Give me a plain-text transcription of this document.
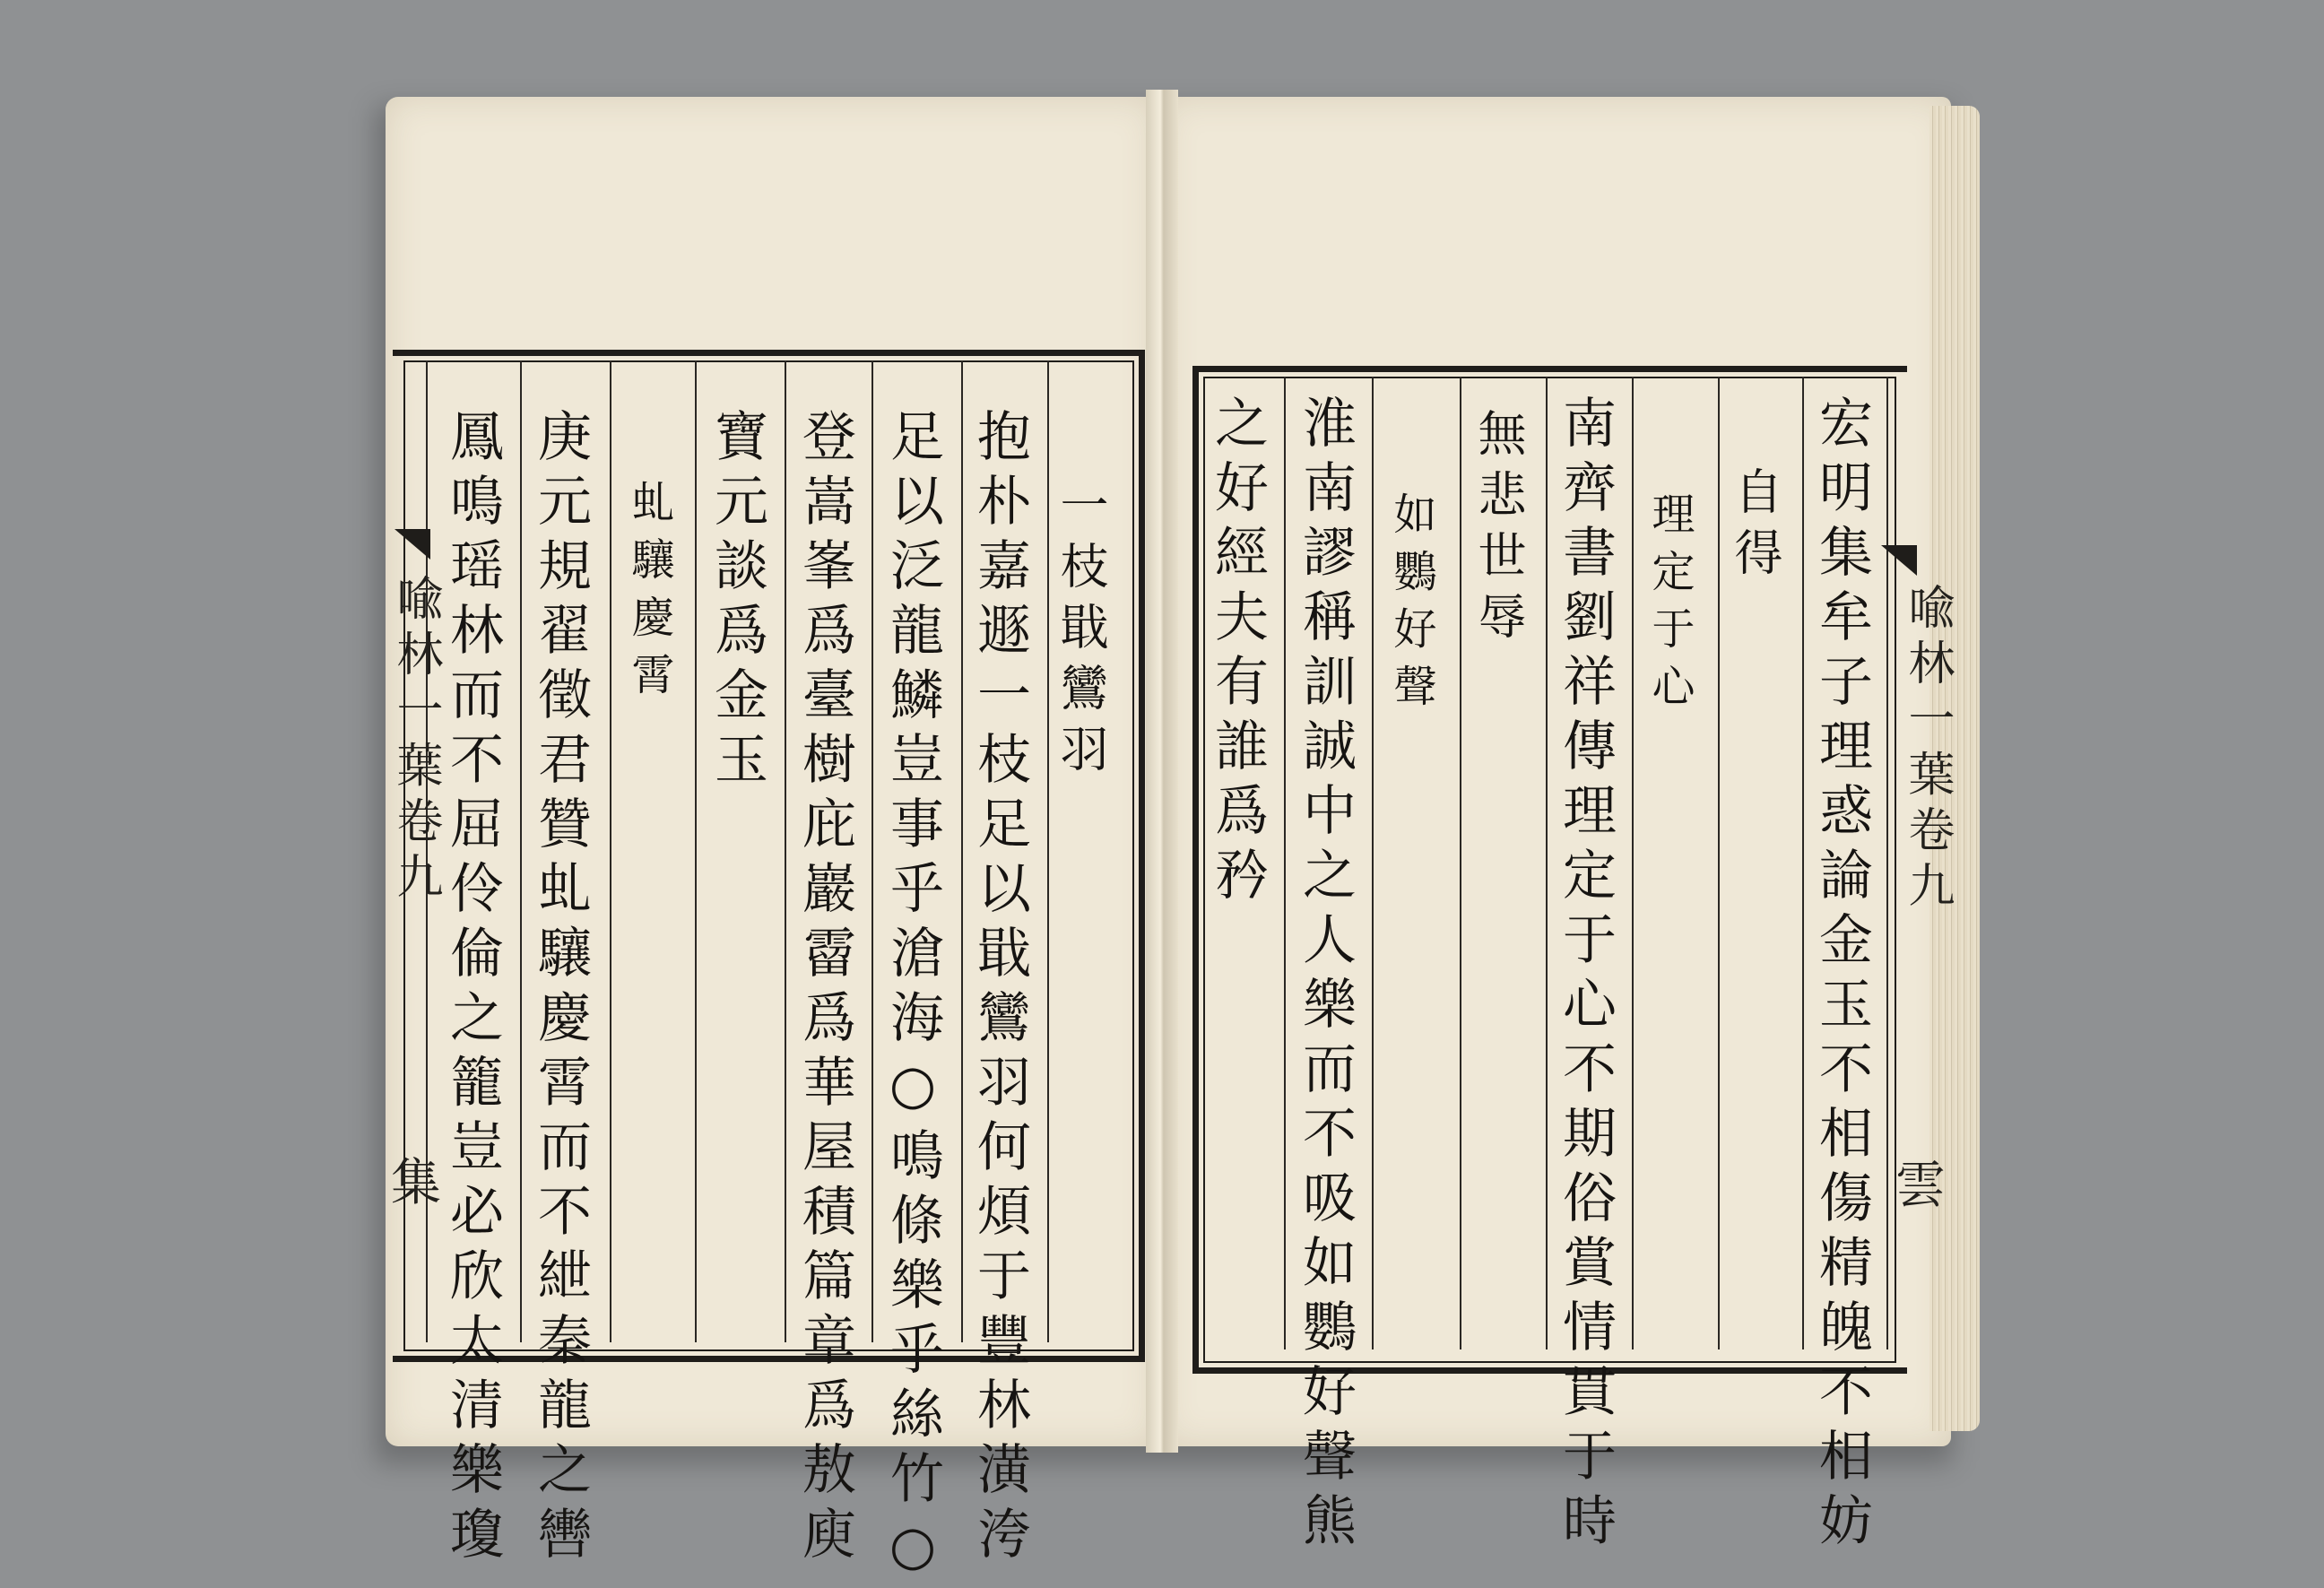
喩林一葉卷九
集
一枝戢鸞羽
抱朴嘉遯一枝足以戢鸞羽何煩于豐林潢洿
足以泛龍鱗豈事乎滄海○鳴條樂乎絲竹○
登嵩峯爲臺樹庇巖霤爲華屋積篇章爲敖庾
寶元談爲金玉
虬驤慶霄
庚元規翟徵君贊虬驤慶霄而不紲秦龍之轡
鳳鳴瑶林而不屈伶倫之籠豈必欣太清樂瓊	喩林一葉卷九
雲
宏明集牟子理惑論金玉不相傷精魄不相妨
自得
理定于心
南齊書劉祥傳理定于心不期俗賞情貫于時
無悲世辱
如鸚好聲
淮南謬稱訓誠中之人樂而不吸如鸚好聲熊
之好經夫有誰爲矜
